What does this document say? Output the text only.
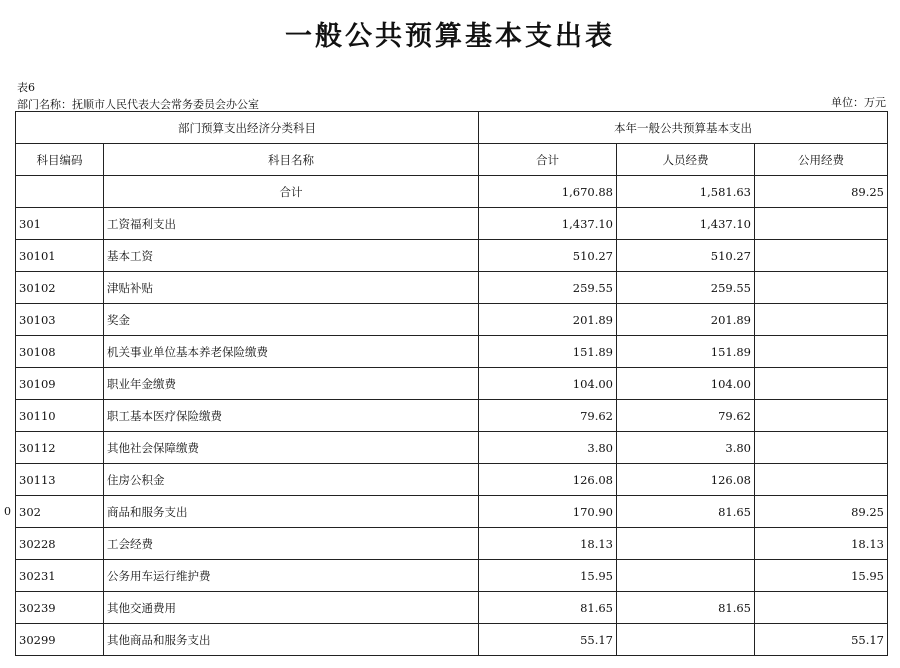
一般公共预算基本支出表
表6
部门名称：抚顺市人民代表大会常务委员会办公室	单位：万元
0
部门预算支出经济分类科目		本年一般公共预算基本支出		
科目编码	科目名称	合计	人员经费	公用经费
	合计	1,670.88	1,581.63	89.25
301	工资福利支出	1,437.10	1,437.10	
30101	基本工资	510.27	510.27	
30102	津贴补贴	259.55	259.55	
30103	奖金	201.89	201.89	
30108	机关事业单位基本养老保险缴费	151.89	151.89	
30109	职业年金缴费	104.00	104.00	
30110	职工基本医疗保险缴费	79.62	79.62	
30112	其他社会保障缴费	3.80	3.80	
30113	住房公积金	126.08	126.08	
302	商品和服务支出	170.90	81.65	89.25
30228	工会经费	18.13		18.13
30231	公务用车运行维护费	15.95		15.95
30239	其他交通费用	81.65	81.65	
30299	其他商品和服务支出	55.17		55.17
